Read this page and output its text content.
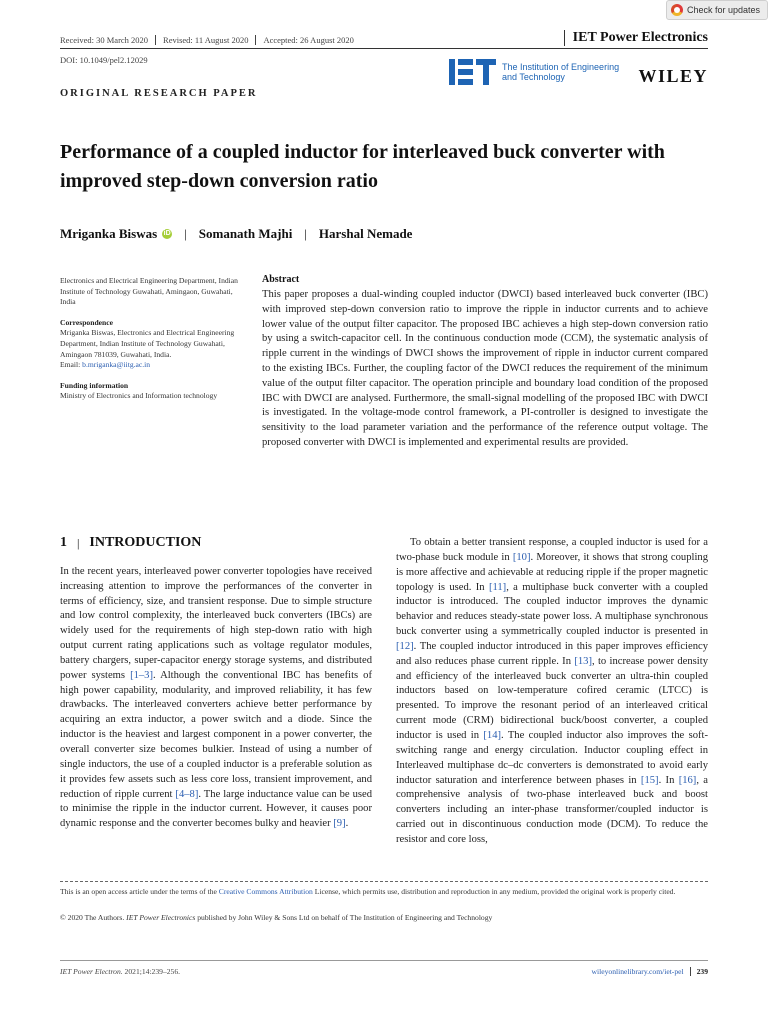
Check for updates
Received: 30 March 2020	Revised: 11 August 2020	Accepted: 26 August 2020
DOI: 10.1049/pel2.12029
IET Power Electronics
The Institution of Engineering and Technology	WILEY
ORIGINAL RESEARCH PAPER
Performance of a coupled inductor for interleaved buck converter with improved step-down conversion ratio
Mriganka Biswas iD | Somanath Majhi | Harshal Nemade
Electronics and Electrical Engineering Department, Indian Institute of Technology Guwahati, Amingaon, Guwahati, India
Correspondence
Mriganka Biswas, Electronics and Electrical Engineering Department, Indian Institute of Technology Guwahati, Amingaon 781039, Guwahati, India.
Email: b.mriganka@iitg.ac.in
Funding information
Ministry of Electronics and Information technology
Abstract
This paper proposes a dual-winding coupled inductor (DWCI) based interleaved buck converter (IBC) with improved step-down conversion ratio to improve the ripple in inductor currents and to achieve lower value of the output filter capacitor. The proposed IBC achieves a high step-down conversion ratio by using a switch-capacitor cell. In the continuous conduction mode (CCM), the systematic analysis of ripple current in the windings of DWCI shows the improvement of ripple in inductor current compared to the existing IBCs. Further, the coupling factor of the DWCI reduces the requirement of the minimum value of the output filter capacitor. The operation principle and boundary load condition of the proposed IBC with DWCI are analysed. Furthermore, the small-signal modelling of the proposed IBC with DWCI is investigated. In the voltage-mode control framework, a PI-controller is designed to investigate the sensitivity to the load parameter variation and the performance of the reference output voltage. The proposed converter with DWCI is implemented and experimental results are provided.
1 | INTRODUCTION

In the recent years, interleaved power converter topologies have received increasing attention to improve the performances of the converter in terms of efficiency, size, and transient response. Due to simple structure and low control complexity, the interleaved buck converters (IBCs) are widely used for the requirements of high step-down ratio with high output current rating applications such as voltage regulator modules, battery chargers, super-capacitor energy storage systems, and distributed power systems [1–3]. Although the conventional IBC has benefits of high power capability, modularity, and improved reliability, it has few drawbacks. The interleaved converters achieve better performance by acquiring an extra inductor, a power switch and a diode. Since the inductor is the heaviest and largest component in a power converter, the overall converter size becomes bulkier. Instead of using a number of single inductors, the use of a coupled inductor is a preferable solution as it provides few assets such as less core loss, transient improvement, and reduction of ripple current [4–8]. The large inductance value can be used to minimise the ripple in the inductor current. However, it causes poor dynamic response and the converter becomes bulky and heavier [9].

To obtain a better transient response, a coupled inductor is used for a two-phase buck module in [10]. Moreover, it shows that strong coupling is more affective and achievable at reducing ripple if the proper magnetic topology is used. In [11], a multiphase buck converter with a coupled inductor is introduced. The coupled inductor improves the dynamic behavior and reduces steady-state power loss. A multiphase synchronous buck converter using a symmetrically coupled inductor is presented in [12]. The coupled inductor introduced in this paper improves efficiency and also reduces phase current ripple. In [13], to increase power density and efficiency of the interleaved buck converter an ultra-thin coupled inductors based on low-temperature cofired ceramic (LTCC) is presented. To improve the resonant period of an interleaved critical current mode (CRM) bidirectional buck/boost converter, a coupled inductor is used in [14]. The coupled inductor also improves the soft-switching range and energy circulation. Inductor coupling effect in Interleaved multiphase dc–dc converters is demonstrated to avoid early inductor saturation and interference between phases in [15]. In [16], a comprehensive analysis of two-phase interleaved buck and boost converters including an inter-phase transformer/coupled inductor is carried out in discontinuous conduction mode (DCM). To reduce the resistor and core loss,

This is an open access article under the terms of the Creative Commons Attribution License, which permits use, distribution and reproduction in any medium, provided the original work is properly cited.
© 2020 The Authors. IET Power Electronics published by John Wiley & Sons Ltd on behalf of The Institution of Engineering and Technology
IET Power Electron. 2021;14:239–256.	wileyonlinelibrary.com/iet-pel	239
